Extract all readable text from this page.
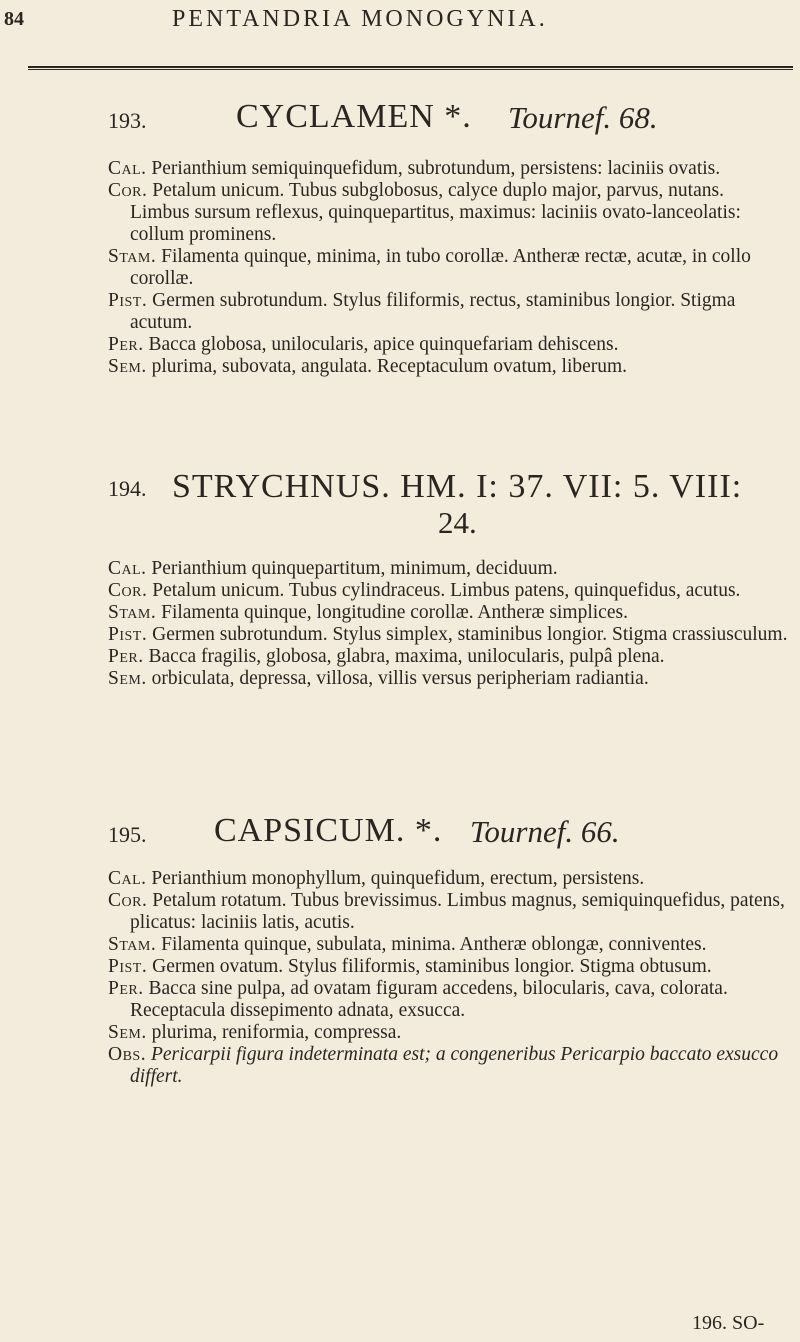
84	PENTANDRIA MONOGYNIA.
193.	CYCLAMEN *. Tournef. 68.

Cal. Perianthium semiquinquefidum, subrotundum, persistens: laciniis ovatis.

Cor. Petalum unicum. Tubus subglobosus, calyce duplo major, parvus, nutans. Limbus sursum reflexus, quinquepartitus, maximus: laciniis ovato-lanceolatis: collum prominens.

Stam. Filamenta quinque, minima, in tubo corollæ. Antheræ rectæ, acutæ, in collo corollæ.

Pist. Germen subrotundum. Stylus filiformis, rectus, staminibus longior. Stigma acutum.

Per. Bacca globosa, unilocularis, apice quinquefariam dehiscens.

Sem. plurima, subovata, angulata. Receptaculum ovatum, liberum.

194. STRYCHNUS. HM. I: 37. VII: 5. VIII:
24.

Cal. Perianthium quinquepartitum, minimum, deciduum.

Cor. Petalum unicum. Tubus cylindraceus. Limbus patens, quinquefidus, acutus.

Stam. Filamenta quinque, longitudine corollæ. Antheræ simplices.

Pist. Germen subrotundum. Stylus simplex, staminibus longior. Stigma crassiusculum.

Per. Bacca fragilis, globosa, glabra, maxima, unilocularis, pulpâ plena.

Sem. orbiculata, depressa, villosa, villis versus peripheriam radiantia.

195. CAPSICUM. *. Tournef. 66.

Cal. Perianthium monophyllum, quinquefidum, erectum, persistens.

Cor. Petalum rotatum. Tubus brevissimus. Limbus magnus, semiquinquefidus, patens, plicatus: laciniis latis, acutis.

Stam. Filamenta quinque, subulata, minima. Antheræ oblongæ, conniventes.

Pist. Germen ovatum. Stylus filiformis, staminibus longior. Stigma obtusum.

Per. Bacca sine pulpa, ad ovatam figuram accedens, bilocularis, cava, colorata. Receptacula dissepimento adnata, exsucca.

Sem. plurima, reniformia, compressa.

Obs. Pericarpii figura indeterminata est; a congeneribus Pericarpio baccato exsucco differt.

196. SO-
